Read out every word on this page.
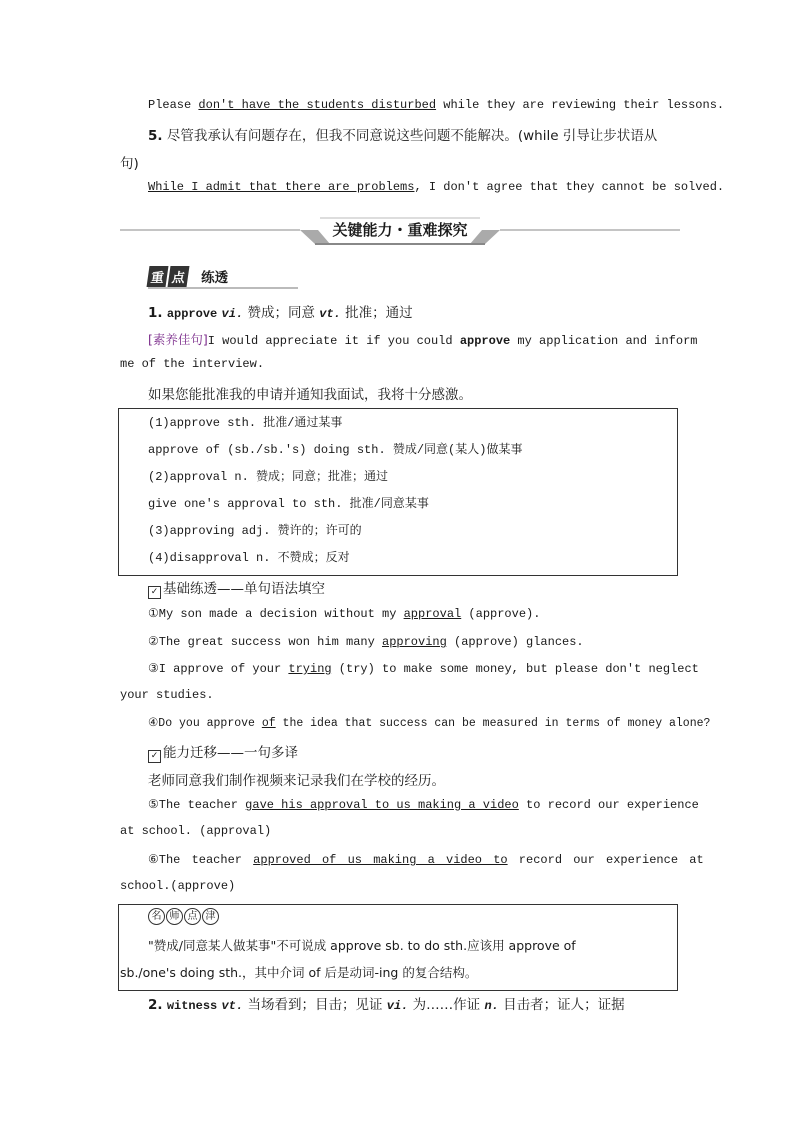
Please don't have the students disturbed while they are reviewing their lessons.
5. 尽管我承认有问题存在，但我不同意说这些问题不能解决。(while 引导让步状语从
句)
While I admit that there are problems, I don't agree that they cannot be solved.
关键能力・重难探究
重 点 练透
1. approve vi. 赞成；同意 vt. 批准；通过
[素养佳句]I would appreciate it if you could approve my application and inform
me of the interview.
如果您能批准我的申请并通知我面试，我将十分感激。
(1)approve sth. 批准/通过某事
approve of (sb./sb.'s) doing sth. 赞成/同意(某人)做某事
(2)approval n. 赞成；同意；批准；通过
give one's approval to sth. 批准/同意某事
(3)approving adj. 赞许的；许可的
(4)disapproval n. 不赞成；反对
✓ 基础练透——单句语法填空
①My son made a decision without my approval (approve).
②The great success won him many approving (approve) glances.
③I approve of your trying (try) to make some money, but please don't neglect
your studies.
④Do you approve of the idea that success can be measured in terms of money alone?
✓ 能力迁移——一句多译
老师同意我们制作视频来记录我们在学校的经历。
⑤The teacher gave his approval to us making a video to record our experience
at school. (approval)
⑥The teacher approved of us making a video to record our experience at
school.(approve)
名 师 点 津
"赞成/同意某人做某事"不可说成 approve sb. to do sth.应该用 approve of
sb./one's doing sth.，其中介词 of 后是动词-ing 的复合结构。
2. witness vt. 当场看到；目击；见证 vi. 为……作证 n. 目击者；证人；证据
